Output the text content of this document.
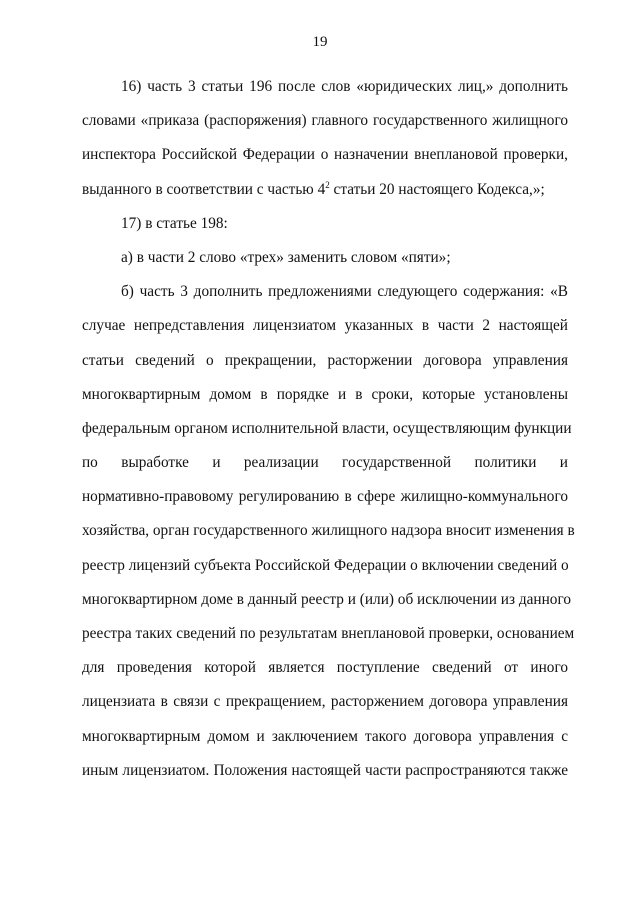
19
16) часть 3 статьи 196 после слов «юридических лиц,» дополнить
словами «приказа (распоряжения) главного государственного жилищного
инспектора Российской Федерации о назначении внеплановой проверки,
выданного в соответствии с частью $4^2$ статьи 20 настоящего Кодекса,»;
17) в статье 198:
а) в части 2 слово «трех» заменить словом «пяти»;
б) часть 3 дополнить предложениями следующего содержания: «В
случае непредставления лицензиатом указанных в части 2 настоящей
статьи сведений о прекращении, расторжении договора управления
многоквартирным домом в порядке и в сроки, которые установлены
федеральным органом исполнительной власти, осуществляющим функции
по выработке и реализации государственной политики и
нормативно-правовому регулированию в сфере жилищно-коммунального
хозяйства, орган государственного жилищного надзора вносит изменения в
реестр лицензий субъекта Российской Федерации о включении сведений о
многоквартирном доме в данный реестр и (или) об исключении из данного
реестра таких сведений по результатам внеплановой проверки, основанием
для проведения которой является поступление сведений от иного
лицензиата в связи с прекращением, расторжением договора управления
многоквартирным домом и заключением такого договора управления с
иным лицензиатом. Положения настоящей части распространяются также
